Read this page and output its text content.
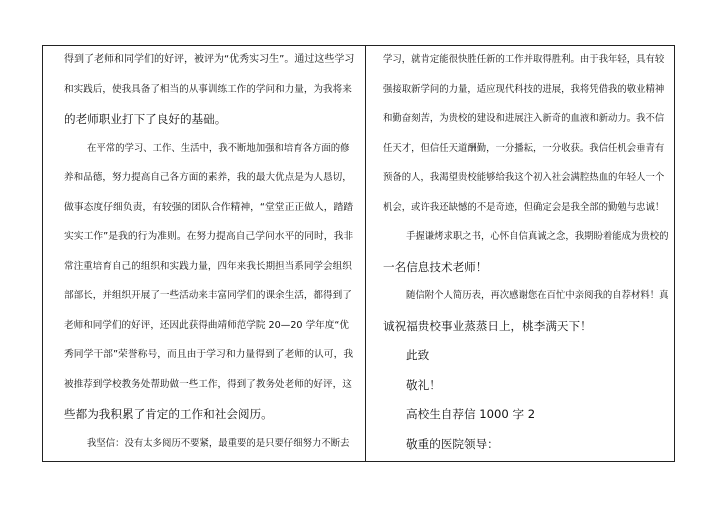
得到了老师和同学们的好评，被评为“优秀实习生”。通过这些学习
和实践后，使我具备了相当的从事训练工作的学问和力量，为我将来
的老师职业打下了良好的基础。
在平常的学习、工作、生活中，我不断地加强和培育各方面的修
养和品德，努力提高自己各方面的素养，我的最大优点是为人恳切，
做事态度仔细负责，有较强的团队合作精神，“堂堂正正做人，踏踏
实实工作”是我的行为准则。在努力提高自己学问水平的同时，我非
常注重培育自己的组织和实践力量，四年来我长期担当系同学会组织
部部长，并组织开展了一些活动来丰富同学们的课余生活，都得到了
老师和同学们的好评，还因此获得曲靖师范学院 20—20 学年度“优
秀同学干部”荣誉称号，而且由于学习和力量得到了老师的认可，我
被推荐到学校教务处帮助做一些工作，得到了教务处老师的好评，这
些都为我积累了肯定的工作和社会阅历。
我坚信：没有太多阅历不要紧，最重要的是只要仔细努力不断去
学习，就肯定能很快胜任新的工作并取得胜利。由于我年轻，具有较
强接取新学问的力量，适应现代科技的进展，我将凭借我的敬业精神
和勤奋刻苦，为贵校的建设和进展注入新奇的血液和新动力。我不信
任天才，但信任天道酬勤，一分播耘，一分收获。我信任机会垂青有
预备的人，我渴望贵校能够给我这个初入社会满腔热血的年轻人一个
机会，或许我还缺憾的不是奇迹，但确定会是我全部的勤勉与忠诚！
手握谦烤求职之书，心怀自信真诚之念，我期盼着能成为贵校的
一名信息技术老师！
随信附个人简历表，再次感谢您在百忙中亲阅我的自荐材料！真
诚祝福贵校事业蒸蒸日上，桃李满天下！
此致
敬礼！
高校生自荐信 1000 字 2
敬重的医院领导：
